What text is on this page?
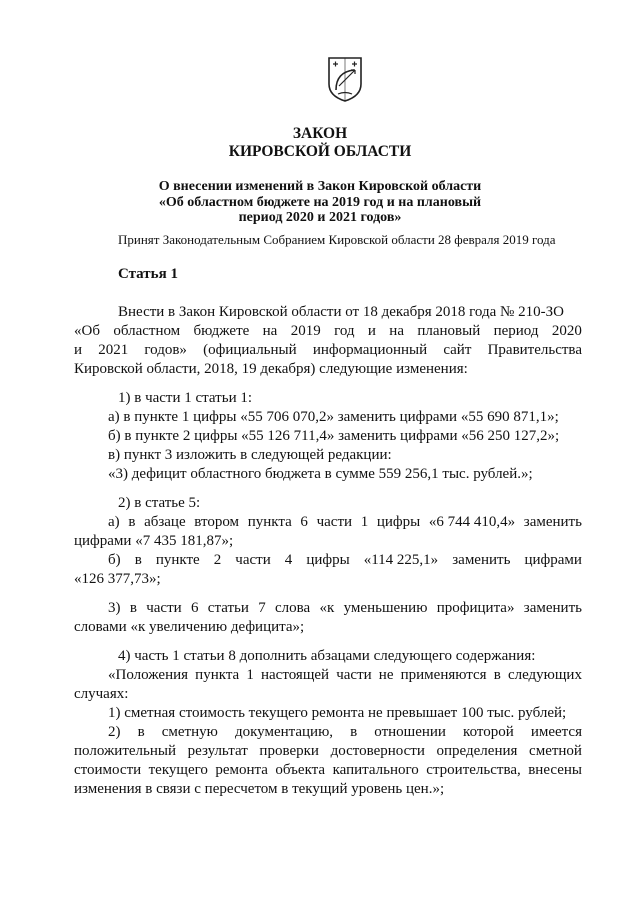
ЗАКОН
КИРОВСКОЙ ОБЛАСТИ
О внесении изменений в Закон Кировской области
«Об областном бюджете на 2019 год и на плановый
период 2020 и 2021 годов»
Принят Законодательным Собранием Кировской области 28 февраля 2019 года
Статья 1
Внести в Закон Кировской области от 18 декабря 2018 года № 210-ЗО
«Об областном бюджете на 2019 год и на плановый период 2020
и 2021 годов» (официальный информационный сайт Правительства
Кировской области, 2018, 19 декабря) следующие изменения:
1) в части 1 статьи 1:
а) в пункте 1 цифры «55 706 070,2» заменить цифрами «55 690 871,1»;
б) в пункте 2 цифры «55 126 711,4» заменить цифрами «56 250 127,2»;
в) пункт 3 изложить в следующей редакции:
«3) дефицит областного бюджета в сумме 559 256,1 тыс. рублей.»;
2) в статье 5:
а) в абзаце втором пункта 6 части 1 цифры «6 744 410,4» заменить
цифрами «7 435 181,87»;
б) в пункте 2 части 4 цифры «114 225,1» заменить цифрами
«126 377,73»;
3) в части 6 статьи 7 слова «к уменьшению профицита» заменить
словами «к увеличению дефицита»;
4) часть 1 статьи 8 дополнить абзацами следующего содержания:
«Положения пункта 1 настоящей части не применяются в следующих
случаях:
1) сметная стоимость текущего ремонта не превышает 100 тыс. рублей;
2) в сметную документацию, в отношении которой имеется
положительный результат проверки достоверности определения сметной
стоимости текущего ремонта объекта капитального строительства, внесены
изменения в связи с пересчетом в текущий уровень цен.»;
